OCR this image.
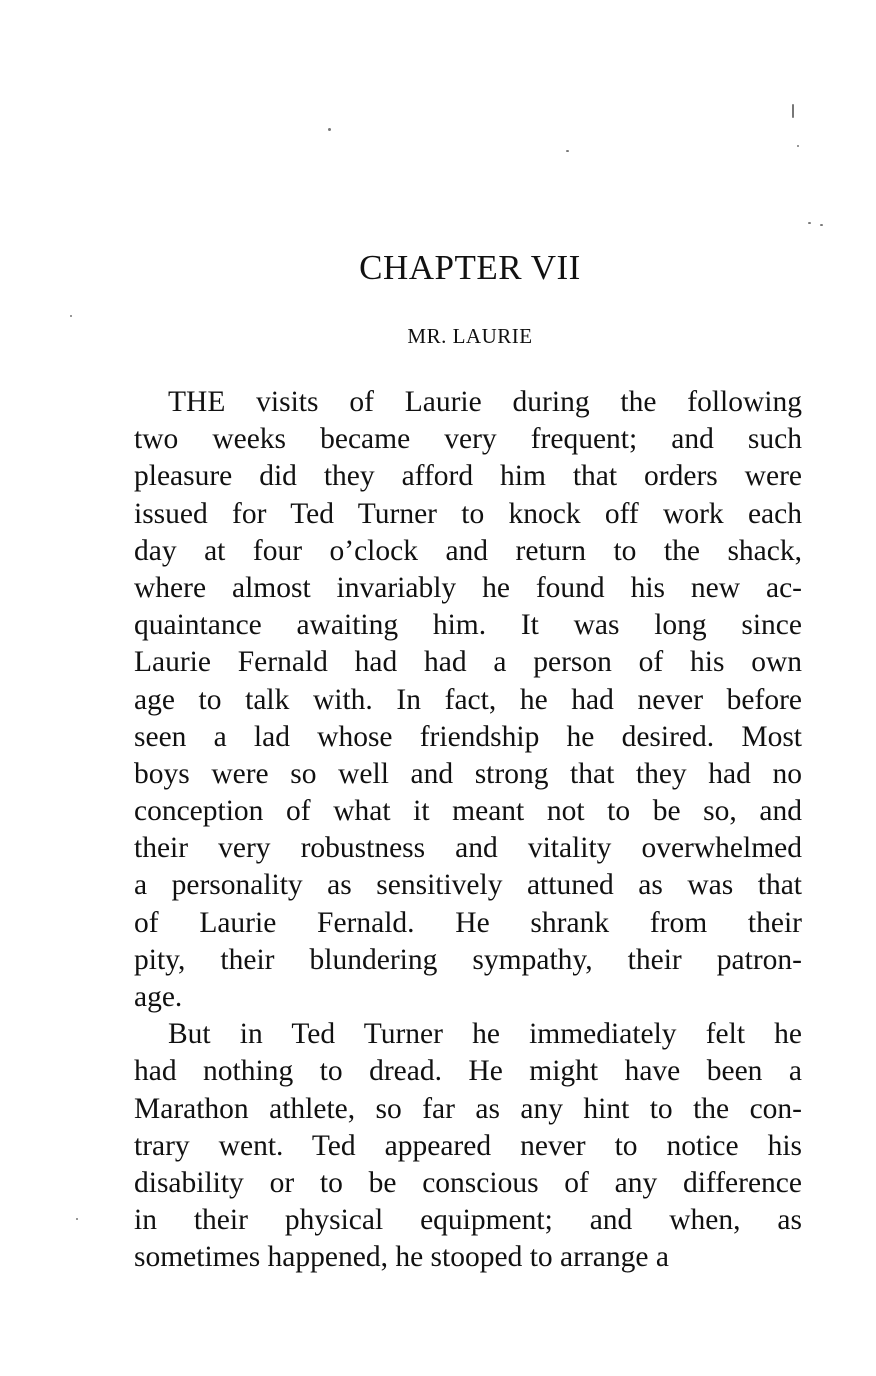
CHAPTER VII
MR. LAURIE
THE visits of Laurie during the following
two weeks became very frequent; and such
pleasure did they afford him that orders were
issued for Ted Turner to knock off work each
day at four o’clock and return to the shack,
where almost invariably he found his new ac-
quaintance awaiting him. It was long since
Laurie Fernald had had a person of his own
age to talk with. In fact, he had never before
seen a lad whose friendship he desired. Most
boys were so well and strong that they had no
conception of what it meant not to be so, and
their very robustness and vitality overwhelmed
a personality as sensitively attuned as was that
of Laurie Fernald. He shrank from their
pity, their blundering sympathy, their patron-
age.
But in Ted Turner he immediately felt he
had nothing to dread. He might have been a
Marathon athlete, so far as any hint to the con-
trary went. Ted appeared never to notice his
disability or to be conscious of any difference
in their physical equipment; and when, as
sometimes happened, he stooped to arrange a
